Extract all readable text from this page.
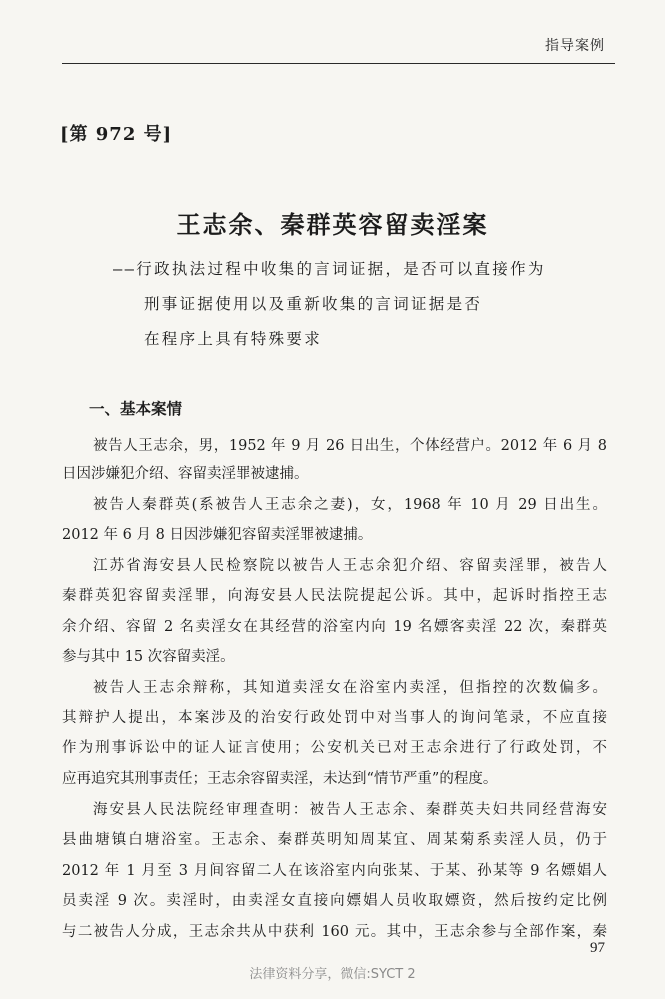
指导案例
[第 972 号]
王志余、秦群英容留卖淫案
——行政执法过程中收集的言词证据，是否可以直接作为
刑事证据使用以及重新收集的言词证据是否
在程序上具有特殊要求
一、基本案情
被告人王志余，男，1952 年 9 月 26 日出生，个体经营户。2012 年 6 月 8
日因涉嫌犯介绍、容留卖淫罪被逮捕。
被告人秦群英(系被告人王志余之妻)，女，1968 年 10 月 29 日出生。
2012 年 6 月 8 日因涉嫌犯容留卖淫罪被逮捕。
江苏省海安县人民检察院以被告人王志余犯介绍、容留卖淫罪，被告人
秦群英犯容留卖淫罪，向海安县人民法院提起公诉。其中，起诉时指控王志
余介绍、容留 2 名卖淫女在其经营的浴室内向 19 名嫖客卖淫 22 次，秦群英
参与其中 15 次容留卖淫。
被告人王志余辩称，其知道卖淫女在浴室内卖淫，但指控的次数偏多。
其辩护人提出，本案涉及的治安行政处罚中对当事人的询问笔录，不应直接
作为刑事诉讼中的证人证言使用；公安机关已对王志余进行了行政处罚，不
应再追究其刑事责任；王志余容留卖淫，未达到“情节严重”的程度。
海安县人民法院经审理查明：被告人王志余、秦群英夫妇共同经营海安
县曲塘镇白塘浴室。王志余、秦群英明知周某宜、周某菊系卖淫人员，仍于
2012 年 1 月至 3 月间容留二人在该浴室内向张某、于某、孙某等 9 名嫖娼人
员卖淫 9 次。卖淫时，由卖淫女直接向嫖娼人员收取嫖资，然后按约定比例
与二被告人分成，王志余共从中获利 160 元。其中，王志余参与全部作案，秦
97
法律资料分享，微信:SYCT 2
